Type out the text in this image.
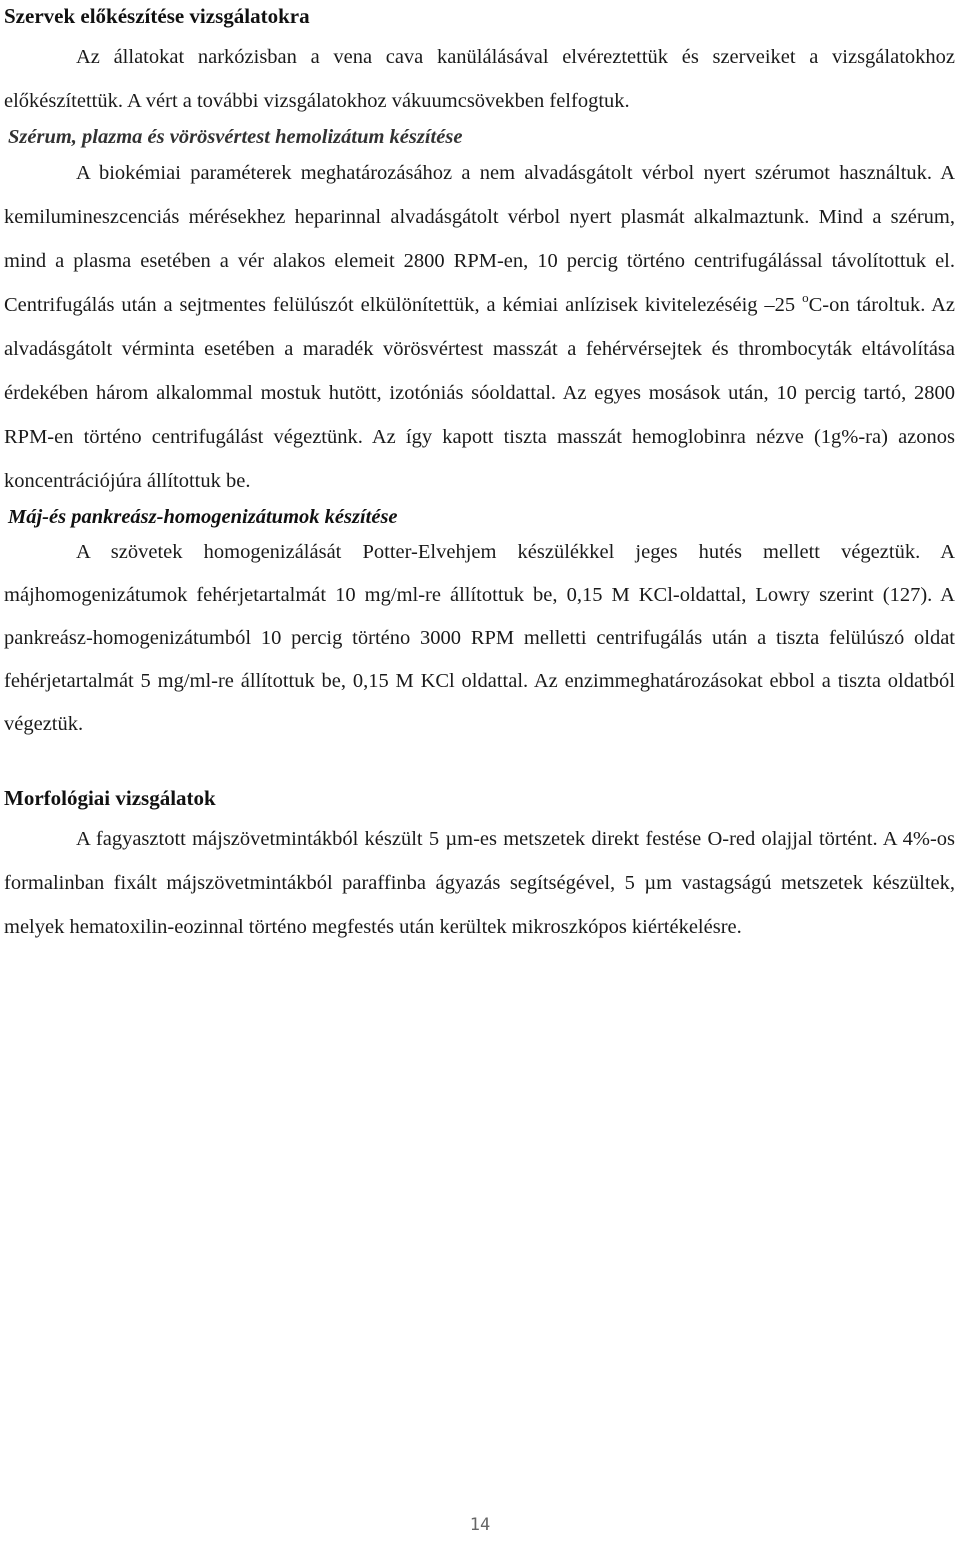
Szervek előkészítése vizsgálatokra

Az állatokat narkózisban a vena cava kanülálásával elvéreztettük és szerveiket a vizsgálatokhoz előkészítettük. A vért a további vizsgálatokhoz vákuumcsövekben felfogtuk.

Szérum, plazma és vörösvértest hemolizátum készítése

A biokémiai paraméterek meghatározásához a nem alvadásgátolt vérbol nyert szérumot használtuk. A kemilumineszcenciás mérésekhez heparinnal alvadásgátolt vérbol nyert plasmát alkalmaztunk. Mind a szérum, mind a plasma esetében a vér alakos elemeit 2800 RPM-en, 10 percig történo centrifugálással távolítottuk el. Centrifugálás után a sejtmentes felülúszót elkülönítettük, a kémiai anlízisek kivitelezéséig –25 $^o$C-on tároltuk. Az alvadásgátolt vérminta esetében a maradék vörösvértest masszát a fehérvérsejtek és thrombocyták eltávolítása érdekében három alkalommal mostuk hutött, izotóniás sóoldattal. Az egyes mosások után, 10 percig tartó, 2800 RPM-en történo centrifugálást végeztünk. Az így kapott tiszta masszát hemoglobinra nézve (1g%-ra) azonos koncentrációjúra állítottuk be.

Máj-és pankreász-homogenizátumok készítése

A szövetek homogenizálását Potter-Elvehjem készülékkel jeges hutés mellett végeztük. A májhomogenizátumok fehérjetartalmát 10 mg/ml-re állítottuk be, 0,15 M KCl-oldattal, Lowry szerint (127). A pankreász-homogenizátumból 10 percig történo 3000 RPM melletti centrifugálás után a tiszta felülúszó oldat fehérjetartalmát 5 mg/ml-re állítottuk be, 0,15 M KCl oldattal. Az enzimmeghatározásokat ebbol a tiszta oldatból végeztük.

Morfológiai vizsgálatok

A fagyasztott májszövetmintákból készült 5 µm-es metszetek direkt festése O-red olajjal történt. A 4%-os formalinban fixált májszövetmintákból paraffinba ágyazás segítségével, 5 µm vastagságú metszetek készültek, melyek hematoxilin-eozinnal történo megfestés után kerültek mikroszkópos kiértékelésre.

14
